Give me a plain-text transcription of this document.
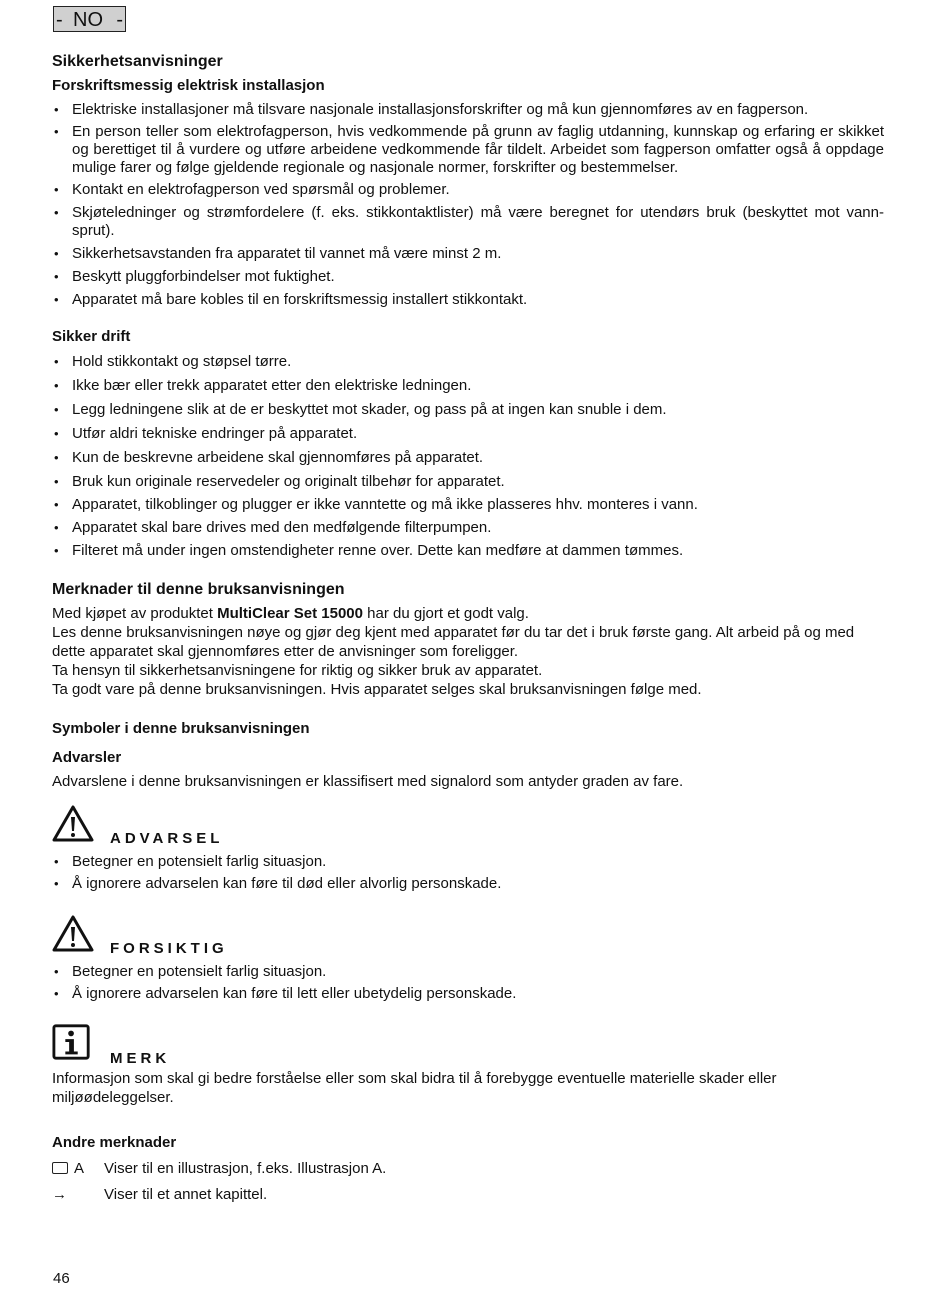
- NO -
Sikkerhetsanvisninger
Forskriftsmessig elektrisk installasjon
• Elektriske installasjoner må tilsvare nasjonale installasjonsforskrifter og må kun gjennomføres av en fagperson.
• En person teller som elektrofagperson, hvis vedkommende på grunn av faglig utdanning, kunnskap og erfaring er skikket og berettiget til å vurdere og utføre arbeidene vedkommende får tildelt. Arbeidet som fagperson omfatter også å oppdage mulige farer og følge gjeldende regionale og nasjonale normer, forskrifter og bestemmelser.
• Kontakt en elektrofagperson ved spørsmål og problemer.
• Skjøteledninger og strømfordelere (f. eks. stikkontaktlister) må være beregnet for utendørs bruk (beskyttet mot vann-sprut).
• Sikkerhetsavstanden fra apparatet til vannet må være minst 2 m.
• Beskytt pluggforbindelser mot fuktighet.
• Apparatet må bare kobles til en forskriftsmessig installert stikkontakt.
Sikker drift
• Hold stikkontakt og støpsel tørre.
• Ikke bær eller trekk apparatet etter den elektriske ledningen.
• Legg ledningene slik at de er beskyttet mot skader, og pass på at ingen kan snuble i dem.
• Utfør aldri tekniske endringer på apparatet.
• Kun de beskrevne arbeidene skal gjennomføres på apparatet.
• Bruk kun originale reservedeler og originalt tilbehør for apparatet.
• Apparatet, tilkoblinger og plugger er ikke vanntette og må ikke plasseres hhv. monteres i vann.
• Apparatet skal bare drives med den medfølgende filterpumpen.
• Filteret må under ingen omstendigheter renne over. Dette kan medføre at dammen tømmes.
Merknader til denne bruksanvisningen

Med kjøpet av produktet MultiClear Set 15000 har du gjort et godt valg.

Les denne bruksanvisningen nøye og gjør deg kjent med apparatet før du tar det i bruk første gang. Alt arbeid på og med dette apparatet skal gjennomføres etter de anvisninger som foreligger.

Ta hensyn til sikkerhetsanvisningene for riktig og sikker bruk av apparatet.

Ta godt vare på denne bruksanvisningen. Hvis apparatet selges skal bruksanvisningen følge med.

Symboler i denne bruksanvisningen
Advarsler

Advarslene i denne bruksanvisningen er klassifisert med signalord som antyder graden av fare.

ADVARSEL
• Betegner en potensielt farlig situasjon.
• Å ignorere advarselen kan føre til død eller alvorlig personskade.
FORSIKTIG
• Betegner en potensielt farlig situasjon.
• Å ignorere advarselen kan føre til lett eller ubetydelig personskade.
MERK

Informasjon som skal gi bedre forståelse eller som skal bidra til å forebygge eventuelle materielle skader eller miljøødeleggelser.

Andre merknader
A	Viser til en illustrasjon, f.eks. Illustrasjon A.
→	Viser til et annet kapittel.
46
